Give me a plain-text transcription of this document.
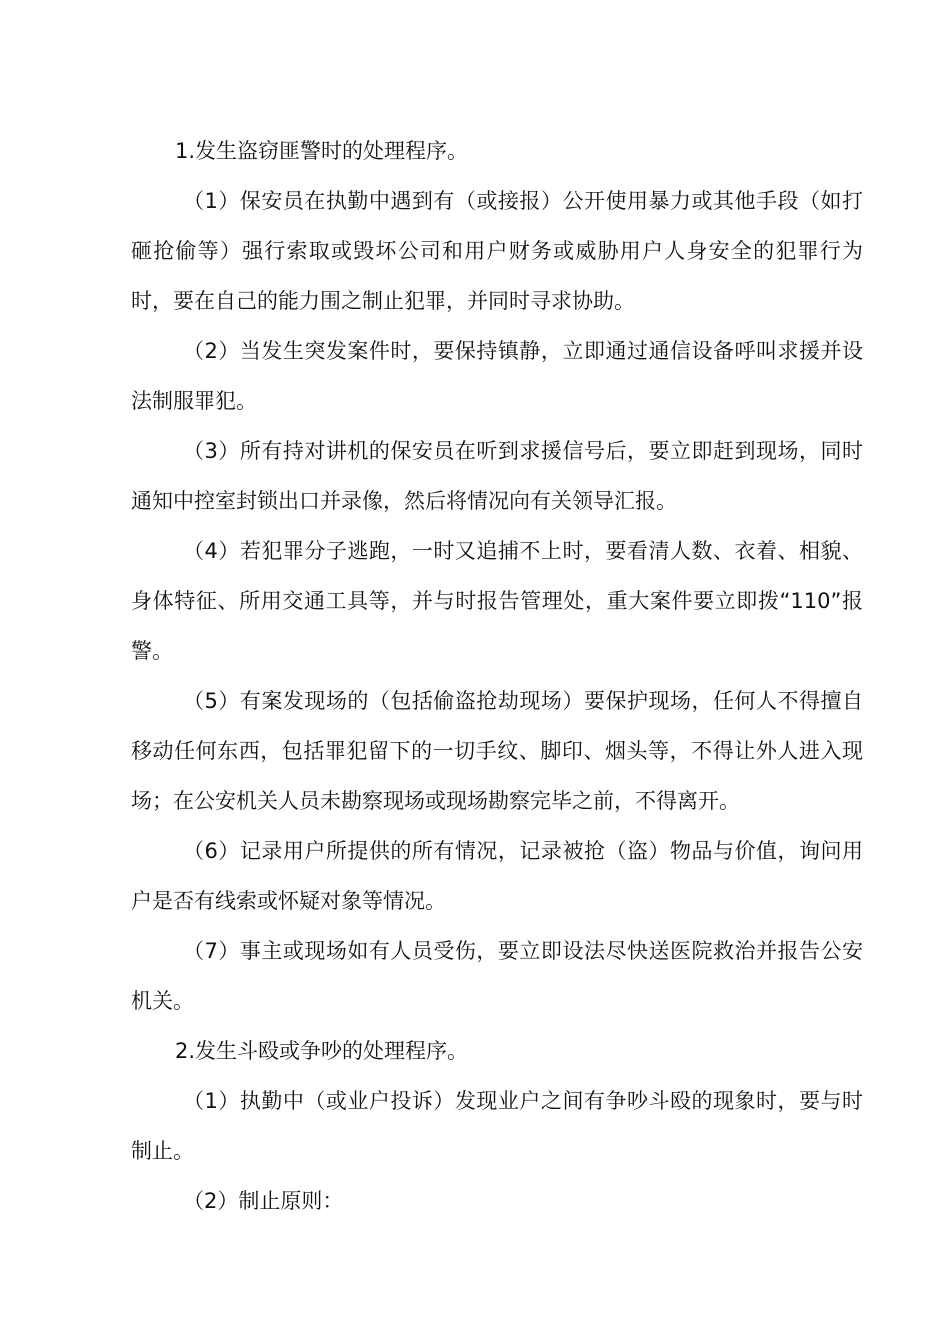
1.发生盗窃匪警时的处理程序。

（1）保安员在执勤中遇到有（或接报）公开使用暴力或其他手段（如打砸抢偷等）强行索取或毁坏公司和用户财务或威胁用户人身安全的犯罪行为时，要在自己的能力围之制止犯罪，并同时寻求协助。

（2）当发生突发案件时，要保持镇静，立即通过通信设备呼叫求援并设法制服罪犯。

（3）所有持对讲机的保安员在听到求援信号后，要立即赶到现场，同时通知中控室封锁出口并录像，然后将情况向有关领导汇报。

（4）若犯罪分子逃跑，一时又追捕不上时，要看清人数、衣着、相貌、身体特征、所用交通工具等，并与时报告管理处，重大案件要立即拨“110”报警。

（5）有案发现场的（包括偷盗抢劫现场）要保护现场，任何人不得擅自移动任何东西，包括罪犯留下的一切手纹、脚印、烟头等，不得让外人进入现场；在公安机关人员未勘察现场或现场勘察完毕之前，不得离开。

（6）记录用户所提供的所有情况，记录被抢（盗）物品与价值，询问用户是否有线索或怀疑对象等情况。

（7）事主或现场如有人员受伤，要立即设法尽快送医院救治并报告公安机关。

2.发生斗殴或争吵的处理程序。

（1）执勤中（或业户投诉）发现业户之间有争吵斗殴的现象时，要与时制止。

（2）制止原则：
